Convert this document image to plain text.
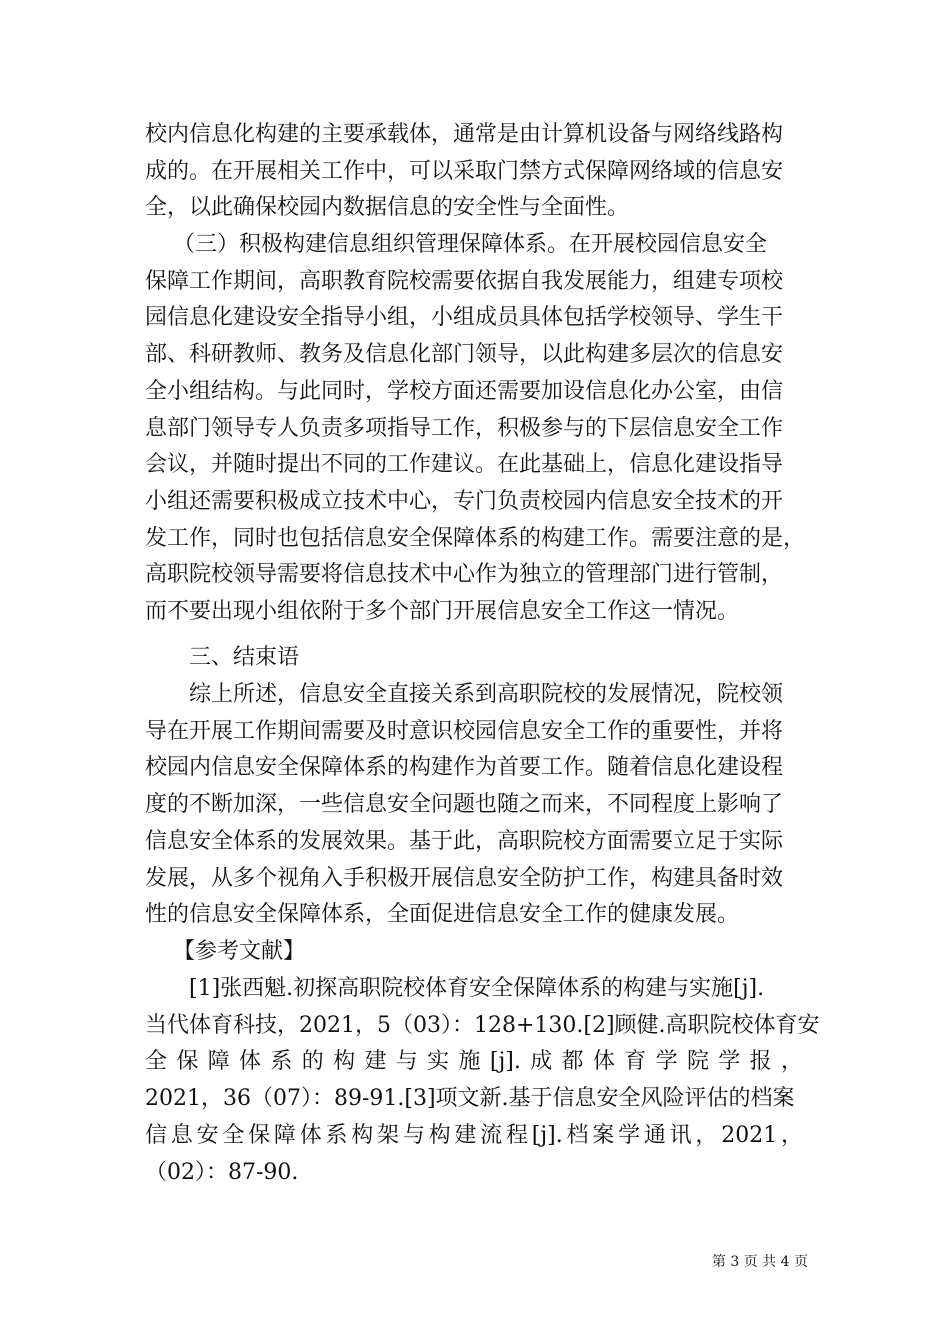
校内信息化构建的主要承载体，通常是由计算机设备与网络线路构
成的。在开展相关工作中，可以采取门禁方式保障网络域的信息安
全，以此确保校园内数据信息的安全性与全面性。
（三）积极构建信息组织管理保障体系。在开展校园信息安全
保障工作期间，高职教育院校需要依据自我发展能力，组建专项校
园信息化建设安全指导小组，小组成员具体包括学校领导、学生干
部、科研教师、教务及信息化部门领导，以此构建多层次的信息安
全小组结构。与此同时，学校方面还需要加设信息化办公室，由信
息部门领导专人负责多项指导工作，积极参与的下层信息安全工作
会议，并随时提出不同的工作建议。在此基础上，信息化建设指导
小组还需要积极成立技术中心，专门负责校园内信息安全技术的开
发工作，同时也包括信息安全保障体系的构建工作。需要注意的是，
高职院校领导需要将信息技术中心作为独立的管理部门进行管制，
而不要出现小组依附于多个部门开展信息安全工作这一情况。
三、结束语
综上所述，信息安全直接关系到高职院校的发展情况，院校领
导在开展工作期间需要及时意识校园信息安全工作的重要性，并将
校园内信息安全保障体系的构建作为首要工作。随着信息化建设程
度的不断加深，一些信息安全问题也随之而来，不同程度上影响了
信息安全体系的发展效果。基于此，高职院校方面需要立足于实际
发展，从多个视角入手积极开展信息安全防护工作，构建具备时效
性的信息安全保障体系，全面促进信息安全工作的健康发展。
【参考文献】
[1]张西魁.初探高职院校体育安全保障体系的构建与实施[j].
当代体育科技，2021，5（03）：128+130.[2]顾健.高职院校体育安
全保障体系的构建与实施[j].成都体育学院学报，
2021，36（07）：89-91.[3]项文新.基于信息安全风险评估的档案
信息安全保障体系构架与构建流程[j].档案学通讯，2021，
（02）：87-90.
第 3 页 共 4 页
